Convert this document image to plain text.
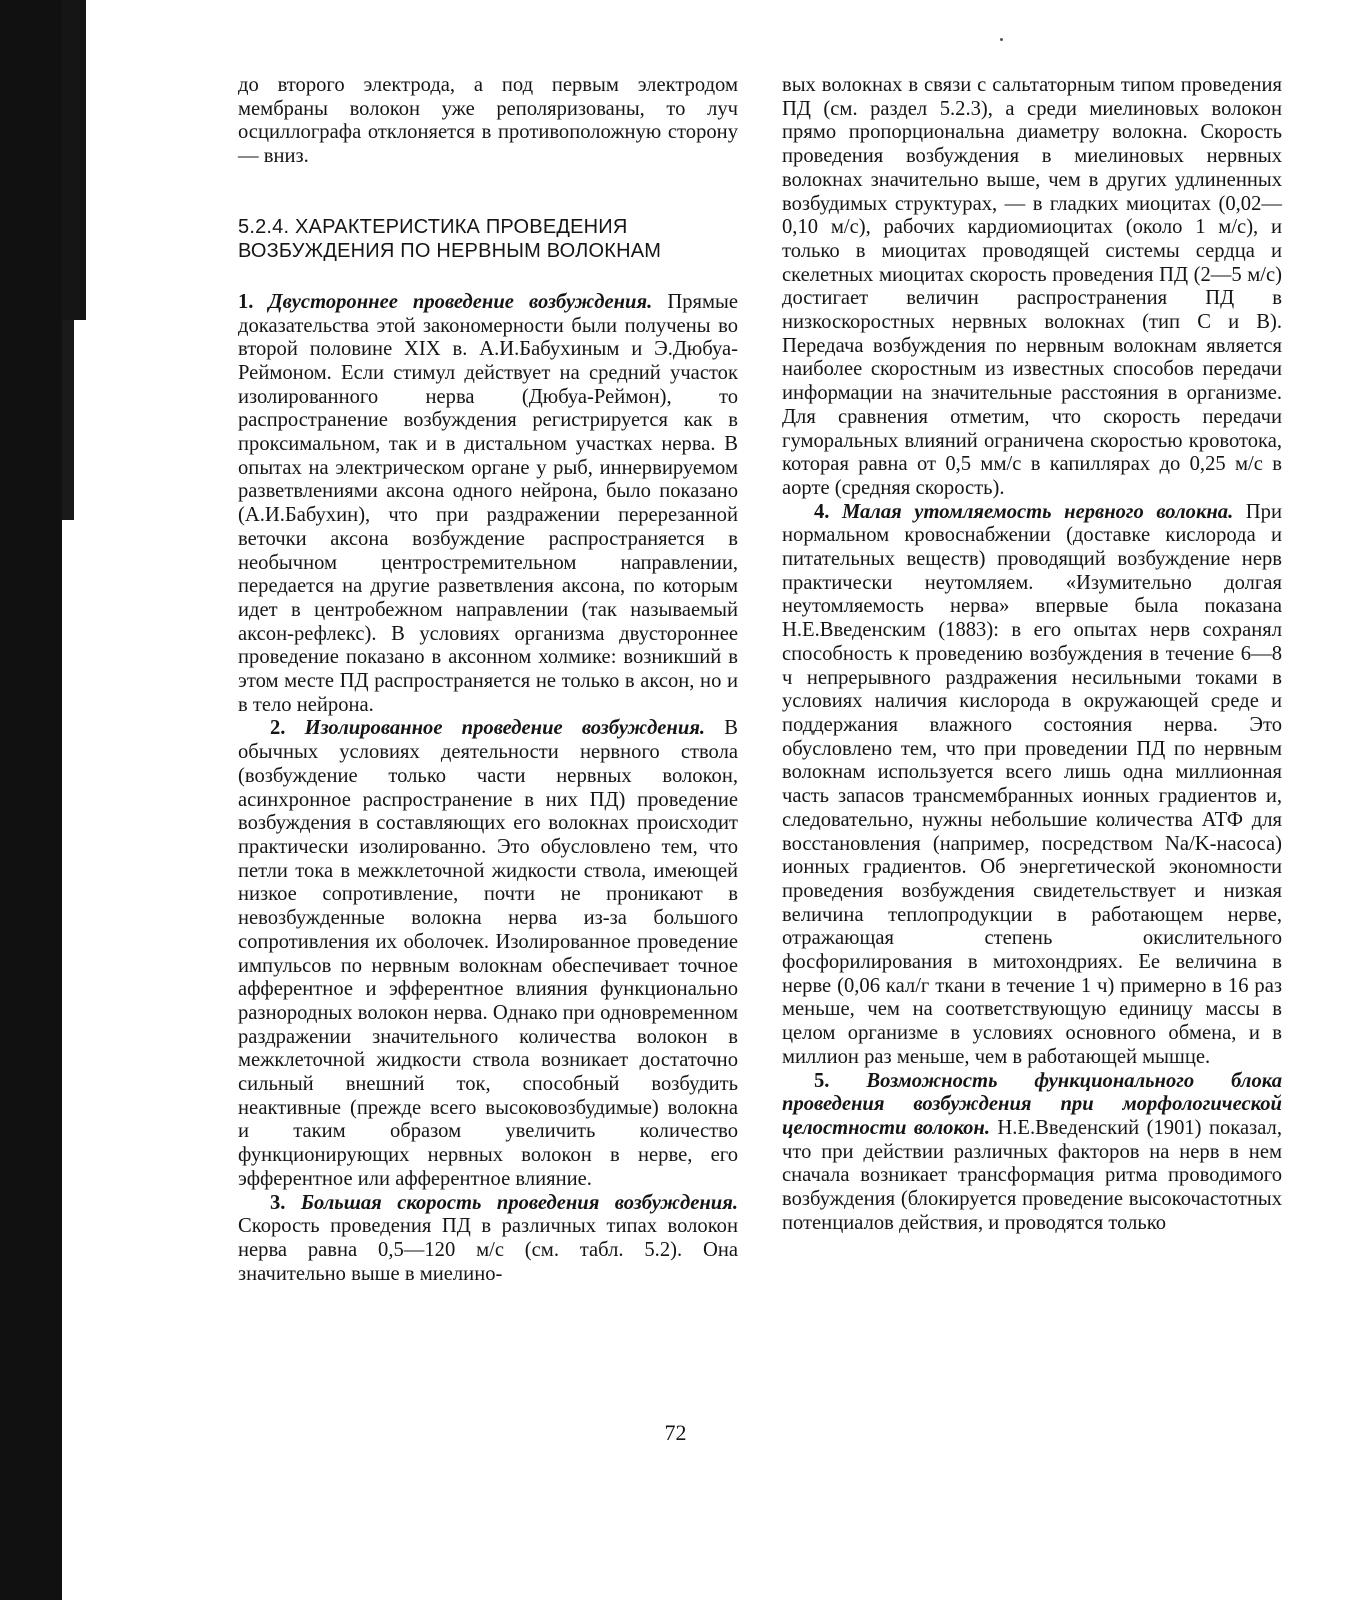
до второго электрода, а под первым электродом мембраны волокон уже реполяризованы, то луч осциллографа отклоняется в противоположную сторону — вниз.

5.2.4. ХАРАКТЕРИСТИКА ПРОВЕДЕНИЯ
ВОЗБУЖДЕНИЯ ПО НЕРВНЫМ ВОЛОКНАМ

1. Двустороннее проведение возбуждения. Прямые доказательства этой закономерности были получены во второй половине XIX в. А.И.Бабухиным и Э.Дюбуа-Реймоном. Если стимул действует на средний участок изолированного нерва (Дюбуа-Реймон), то распространение возбуждения регистрируется как в проксимальном, так и в дистальном участках нерва. В опытах на электрическом органе у рыб, иннервируемом разветвлениями аксона одного нейрона, было показано (А.И.Бабухин), что при раздражении перерезанной веточки аксона возбуждение распространяется в необычном центростремительном направлении, передается на другие разветвления аксона, по которым идет в центробежном направлении (так называемый аксон-рефлекс). В условиях организма двустороннее проведение показано в аксонном холмике: возникший в этом месте ПД распространяется не только в аксон, но и в тело нейрона.

2. Изолированное проведение возбуждения. В обычных условиях деятельности нервного ствола (возбуждение только части нервных волокон, асинхронное распространение в них ПД) проведение возбуждения в составляющих его волокнах происходит практически изолированно. Это обусловлено тем, что петли тока в межклеточной жидкости ствола, имеющей низкое сопротивление, почти не проникают в невозбужденные волокна нерва из-за большого сопротивления их оболочек. Изолированное проведение импульсов по нервным волокнам обеспечивает точное афферентное и эфферентное влияния функционально разнородных волокон нерва. Однако при одновременном раздражении значительного количества волокон в межклеточной жидкости ствола возникает достаточно сильный внешний ток, способный возбудить неактивные (прежде всего высоковозбудимые) волокна и таким образом увеличить количество функционирующих нервных волокон в нерве, его эфферентное или афферентное влияние.

3. Большая скорость проведения возбуждения. Скорость проведения ПД в различных типах волокон нерва равна 0,5—120 м/с (см. табл. 5.2). Она значительно выше в миелино-

вых волокнах в связи с сальтаторным типом проведения ПД (см. раздел 5.2.3), а среди миелиновых волокон прямо пропорциональна диаметру волокна. Скорость проведения возбуждения в миелиновых нервных волокнах значительно выше, чем в других удлиненных возбудимых структурах, — в гладких миоцитах (0,02—0,10 м/с), рабочих кардиомиоцитах (около 1 м/с), и только в миоцитах проводящей системы сердца и скелетных миоцитах скорость проведения ПД (2—5 м/с) достигает величин распространения ПД в низкоскоростных нервных волокнах (тип C и B). Передача возбуждения по нервным волокнам является наиболее скоростным из известных способов передачи информации на значительные расстояния в организме. Для сравнения отметим, что скорость передачи гуморальных влияний ограничена скоростью кровотока, которая равна от 0,5 мм/с в капиллярах до 0,25 м/с в аорте (средняя скорость).

4. Малая утомляемость нервного волокна. При нормальном кровоснабжении (доставке кислорода и питательных веществ) проводящий возбуждение нерв практически неутомляем. «Изумительно долгая неутомляемость нерва» впервые была показана Н.Е.Введенским (1883): в его опытах нерв сохранял способность к проведению возбуждения в течение 6—8 ч непрерывного раздражения несильными токами в условиях наличия кислорода в окружающей среде и поддержания влажного состояния нерва. Это обусловлено тем, что при проведении ПД по нервным волокнам используется всего лишь одна миллионная часть запасов трансмембранных ионных градиентов и, следовательно, нужны небольшие количества АТФ для восстановления (например, посредством Na/K-насоса) ионных градиентов. Об энергетической экономности проведения возбуждения свидетельствует и низкая величина теплопродукции в работающем нерве, отражающая степень окислительного фосфорилирования в митохондриях. Ее величина в нерве (0,06 кал/г ткани в течение 1 ч) примерно в 16 раз меньше, чем на соответствующую единицу массы в целом организме в условиях основного обмена, и в миллион раз меньше, чем в работающей мышце.

5. Возможность функционального блока проведения возбуждения при морфологической целостности волокон. Н.Е.Введенский (1901) показал, что при действии различных факторов на нерв в нем сначала возникает трансформация ритма проводимого возбуждения (блокируется проведение высокочастотных потенциалов действия, и проводятся только

72
